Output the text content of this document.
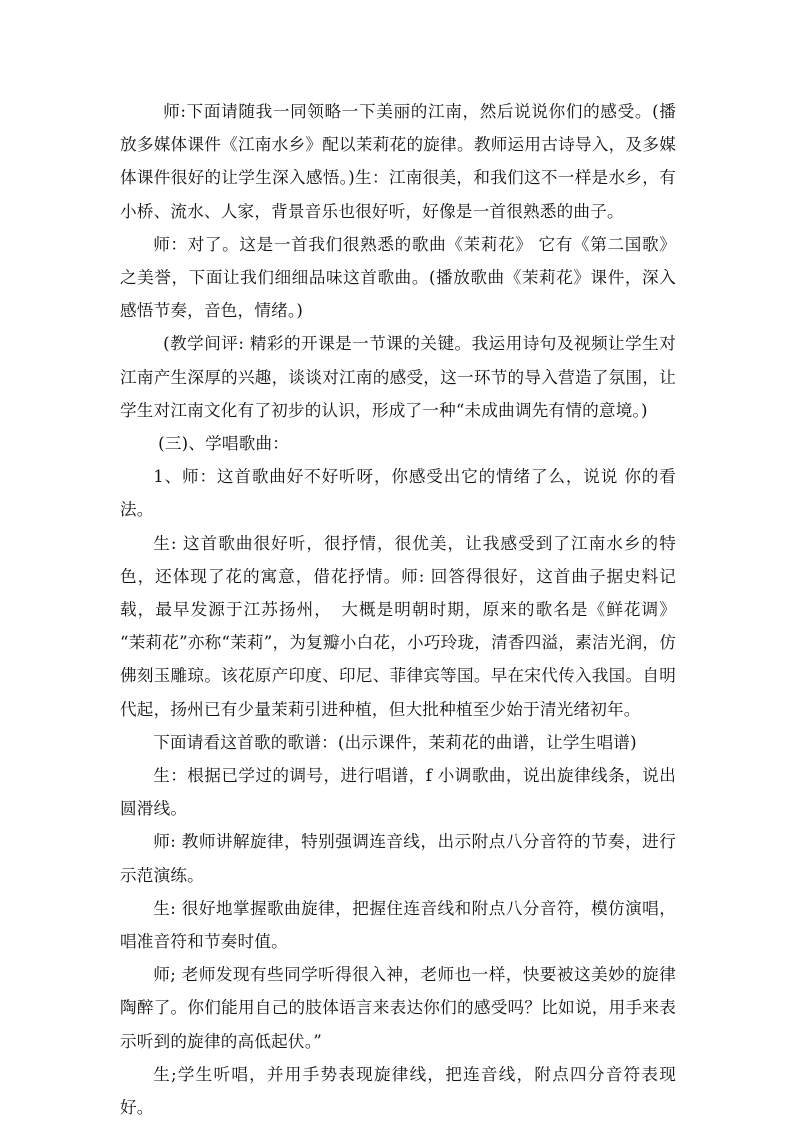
师:下面请随我一同领略一下美丽的江南，然后说说你们的感受。(播放多媒体课件《江南水乡》配以茉莉花的旋律。教师运用古诗导入，及多媒体课件很好的让学生深入感悟。)生：江南很美，和我们这不一样是水乡，有小桥、流水、人家，背景音乐也很好听，好像是一首很熟悉的曲子。

师：对了。这是一首我们很熟悉的歌曲《茉莉花》 它有《第二国歌》之美誉，下面让我们细细品味这首歌曲。(播放歌曲《茉莉花》课件，深入感悟节奏，音色，情绪。)

(教学间评: 精彩的开课是一节课的关键。我运用诗句及视频让学生对江南产生深厚的兴趣，谈谈对江南的感受，这一环节的导入营造了氛围，让学生对江南文化有了初步的认识，形成了一种“未成曲调先有情的意境。)

(三)、学唱歌曲：

1、师：这首歌曲好不好听呀，你感受出它的情绪了么，说说 你的看法。

生: 这首歌曲很好听，很抒情，很优美，让我感受到了江南水乡的特色，还体现了花的寓意，借花抒情。师: 回答得很好，这首曲子据史料记载，最早发源于江苏扬州，　大概是明朝时期，原来的歌名是《鲜花调》 “茉莉花”亦称“茉莉”，为复瓣小白花，小巧玲珑，清香四溢，素洁光润，仿佛刻玉雕琼。该花原产印度、印尼、菲律宾等国。早在宋代传入我国。自明代起，扬州已有少量茉莉引进种植，但大批种植至少始于清光绪初年。

下面请看这首歌的歌谱：(出示课件，茉莉花的曲谱，让学生唱谱)

生：根据已学过的调号，进行唱谱，f 小调歌曲，说出旋律线条，说出圆滑线。

师: 教师讲解旋律，特别强调连音线，出示附点八分音符的节奏，进行示范演练。

生: 很好地掌握歌曲旋律，把握住连音线和附点八分音符，模仿演唱，唱准音符和节奏时值。

师; 老师发现有些同学听得很入神，老师也一样，快要被这美妙的旋律陶醉了。你们能用自己的肢体语言来表达你们的感受吗？比如说，用手来表示听到的旋律的高低起伏。”

生;学生听唱，并用手势表现旋律线，把连音线，附点四分音符表现好。
